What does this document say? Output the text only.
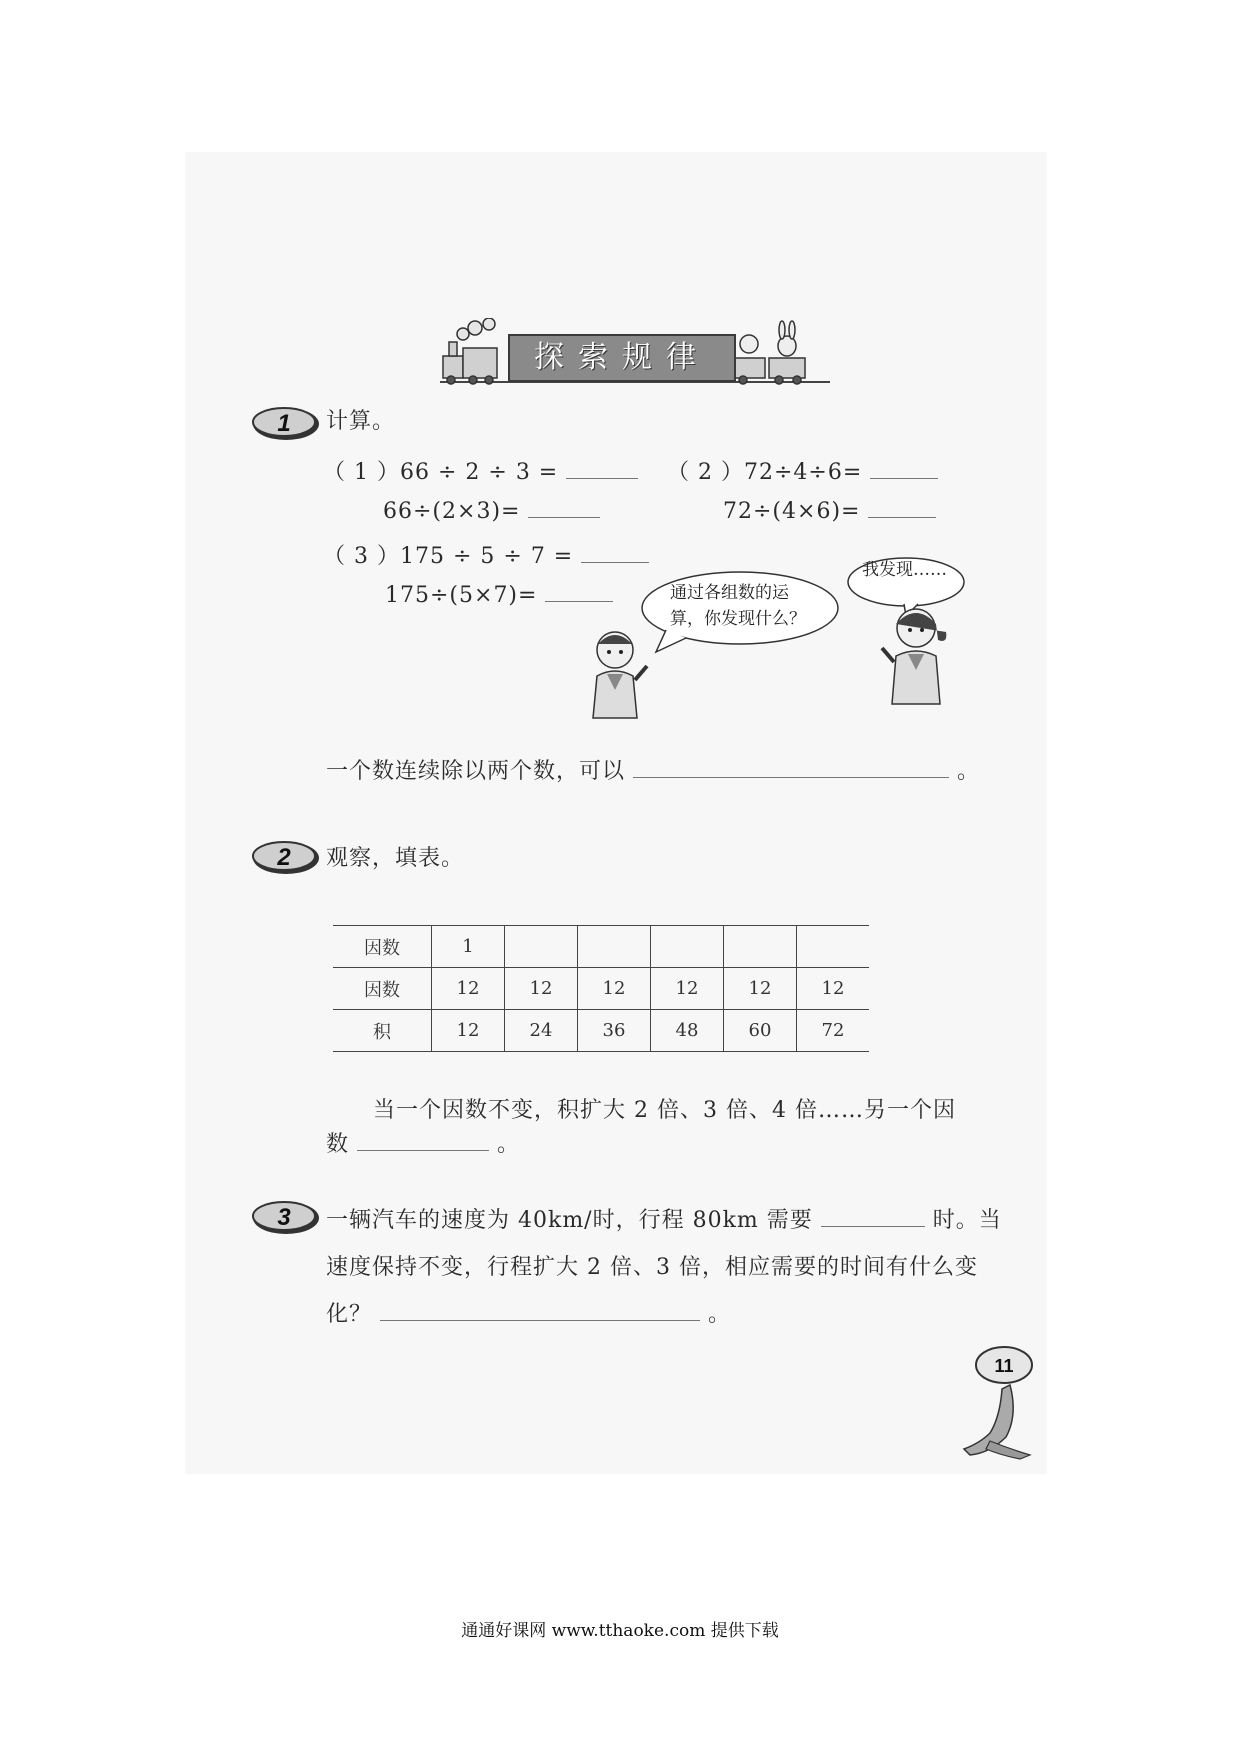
探索规律
1 计算。
（ 1 ）66 ÷ 2 ÷ 3 =
66÷(2×3)=
（ 2 ）72÷4÷6=
72÷(4×6)=
（ 3 ）175 ÷ 5 ÷ 7 =
175÷(5×7)=	通过各组数的运
算，你发现什么？
我发现……
一个数连续除以两个数，可以	。
2 观察，填表。
因数	1					
因数	12	12	12	12	12	12
积	12	24	36	48	60	72
当一个因数不变，积扩大 2 倍、3 倍、4 倍……另一个因
数	。
3 一辆汽车的速度为 40km/时，行程 80km 需要	时。当
速度保持不变，行程扩大 2 倍、3 倍，相应需要的时间有什么变
化？	。
11
通通好课网 www.tthaoke.com 提供下载
